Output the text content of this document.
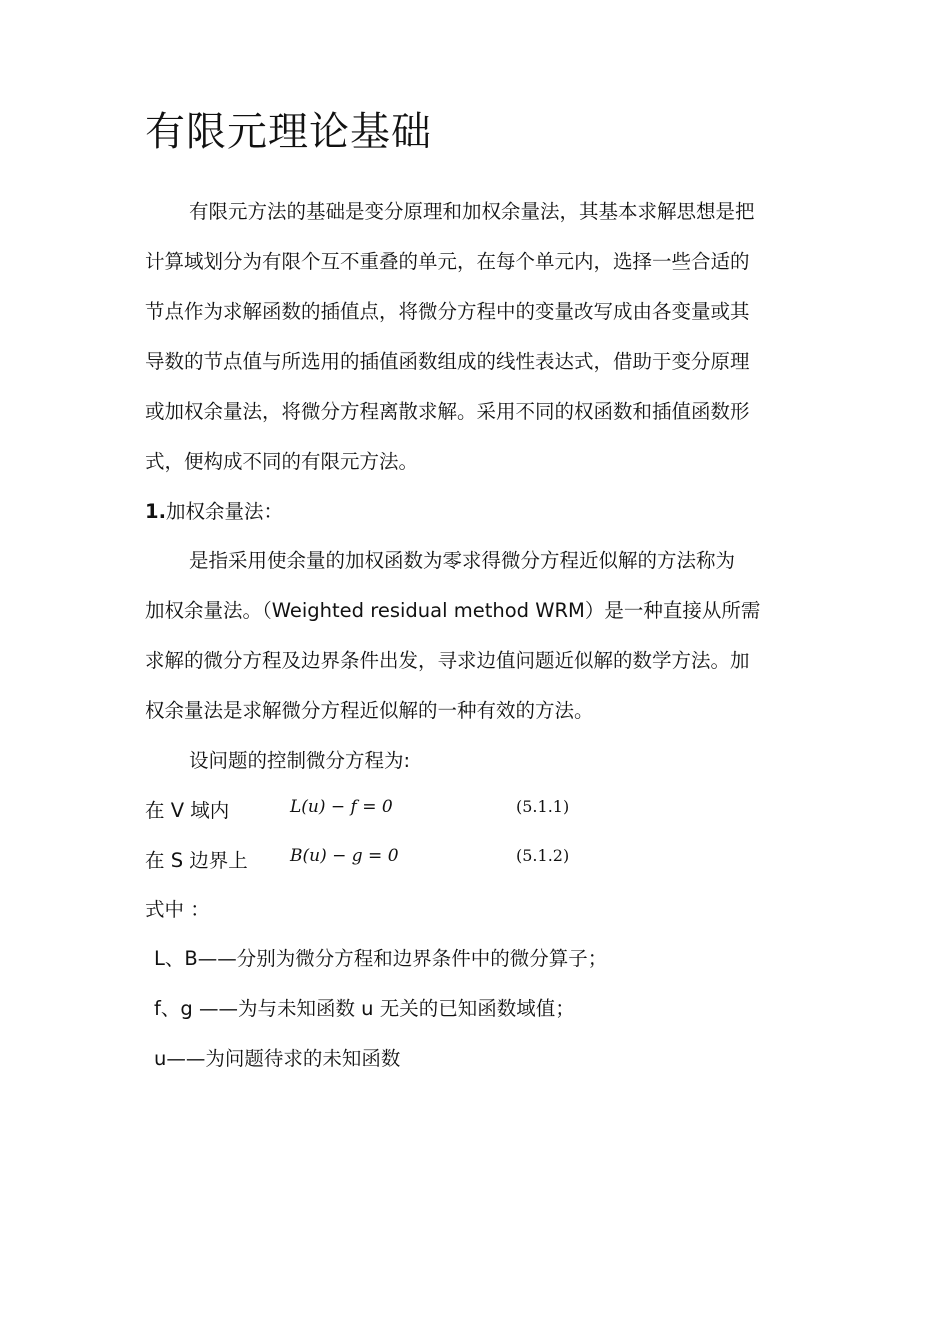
有限元理论基础
有限元方法的基础是变分原理和加权余量法，其基本求解思想是把
计算域划分为有限个互不重叠的单元，在每个单元内，选择一些合适的
节点作为求解函数的插值点，将微分方程中的变量改写成由各变量或其
导数的节点值与所选用的插值函数组成的线性表达式，借助于变分原理
或加权余量法，将微分方程离散求解。采用不同的权函数和插值函数形
式，便构成不同的有限元方法。
1.加权余量法：
是指采用使余量的加权函数为零求得微分方程近似解的方法称为
加权余量法。（Weighted residual method WRM）是一种直接从所需
求解的微分方程及边界条件出发，寻求边值问题近似解的数学方法。加
权余量法是求解微分方程近似解的一种有效的方法。
设问题的控制微分方程为:
在 V 域内	L(u) − f = 0	(5.1.1)
在 S 边界上 B(u) − g = 0	(5.1.2)
式中 ：
L、B——分别为微分方程和边界条件中的微分算子；
f、g ——为与未知函数 u 无关的已知函数域值；
u——为问题待求的未知函数
